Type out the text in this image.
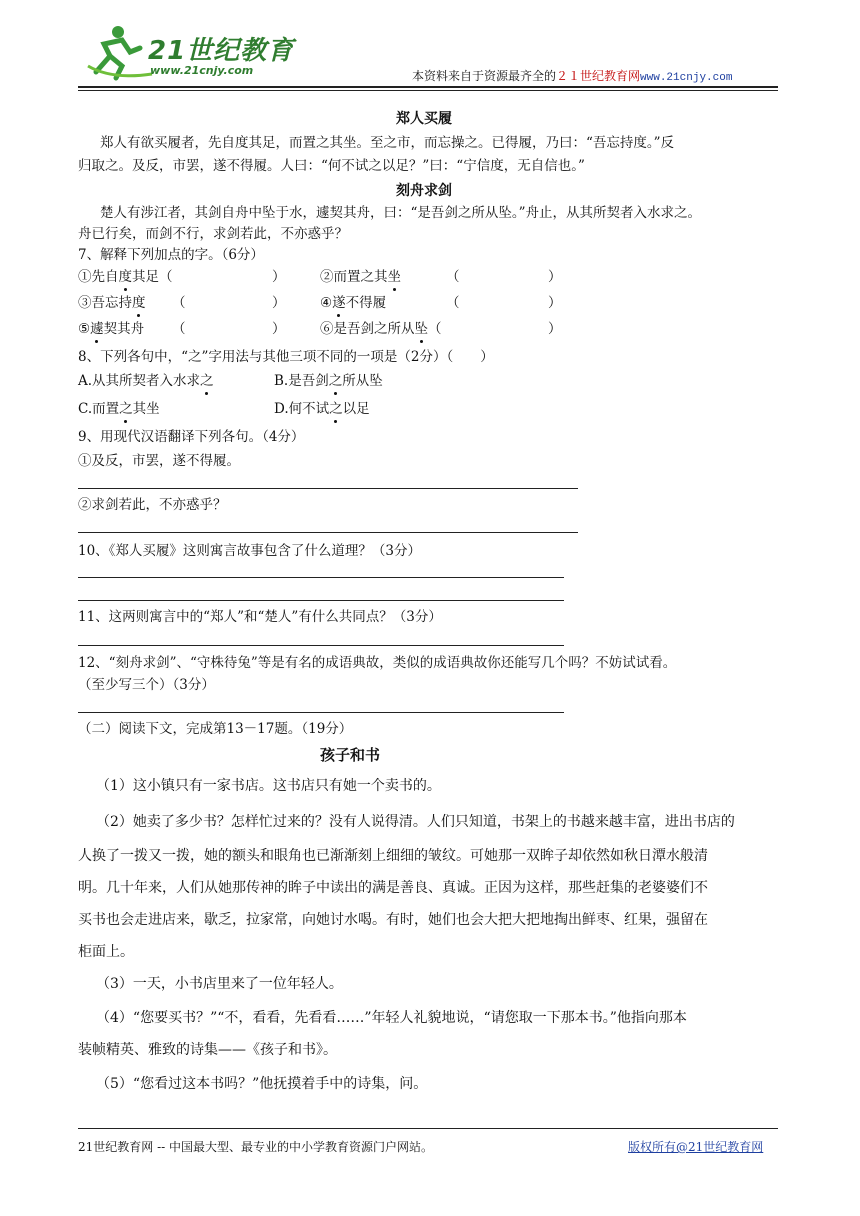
21世纪教育
www.21cnjy.com	本资料来自于资源最齐全的２１世纪教育网www.21cnjy.com
郑人买履
郑人有欲买履者，先自度其足，而置之其坐。至之市，而忘操之。已得履，乃曰：“吾忘持度。”反
归取之。及反，市罢，遂不得履。人曰：“何不试之以足？”曰：“宁信度，无自信也。”
刻舟求剑
楚人有涉江者，其剑自舟中坠于水，遽契其舟，曰：“是吾剑之所从坠。”舟止，从其所契者入水求之。
舟已行矣，而剑不行，求剑若此，不亦惑乎？
7、解释下列加点的字。（6分）
①先自度其足（	）	②而置之其坐	（	）
③吾忘持度 （	）	④遂不得履	（	）
⑤遽契其舟 （	）	⑥是吾剑之所从坠（	）
8、下列各句中，“之”字用法与其他三项不同的一项是（2分）（　　）
A.从其所契者入水求之	B.是吾剑之所从坠
C.而置之其坐	D.何不试之以足
9、用现代汉语翻译下列各句。（4分）
①及反，市罢，遂不得履。
②求剑若此，不亦惑乎？
10、《郑人买履》这则寓言故事包含了什么道理？（3分）
11、这两则寓言中的“郑人”和“楚人”有什么共同点？（3分）
12、“刻舟求剑”、“守株待兔”等是有名的成语典故，类似的成语典故你还能写几个吗？不妨试试看。
（至少写三个）（3分）
（二）阅读下文，完成第13－17题。（19分）
孩子和书
（1）这小镇只有一家书店。这书店只有她一个卖书的。
（2）她卖了多少书？怎样忙过来的？没有人说得清。人们只知道，书架上的书越来越丰富，进出书店的
人换了一拨又一拨，她的额头和眼角也已渐渐刻上细细的皱纹。可她那一双眸子却依然如秋日潭水般清
明。几十年来，人们从她那传神的眸子中读出的满是善良、真诚。正因为这样，那些赶集的老婆婆们不
买书也会走进店来，歇乏，拉家常，向她讨水喝。有时，她们也会大把大把地掏出鲜枣、红果，强留在
柜面上。
（3）一天，小书店里来了一位年轻人。
（4）“您要买书？”“不，看看，先看看……”年轻人礼貌地说，“请您取一下那本书。”他指向那本
装帧精英、雅致的诗集——《孩子和书》。
（5）“您看过这本书吗？”他抚摸着手中的诗集，问。
21世纪教育网 -- 中国最大型、最专业的中小学教育资源门户网站。	版权所有@21世纪教育网
